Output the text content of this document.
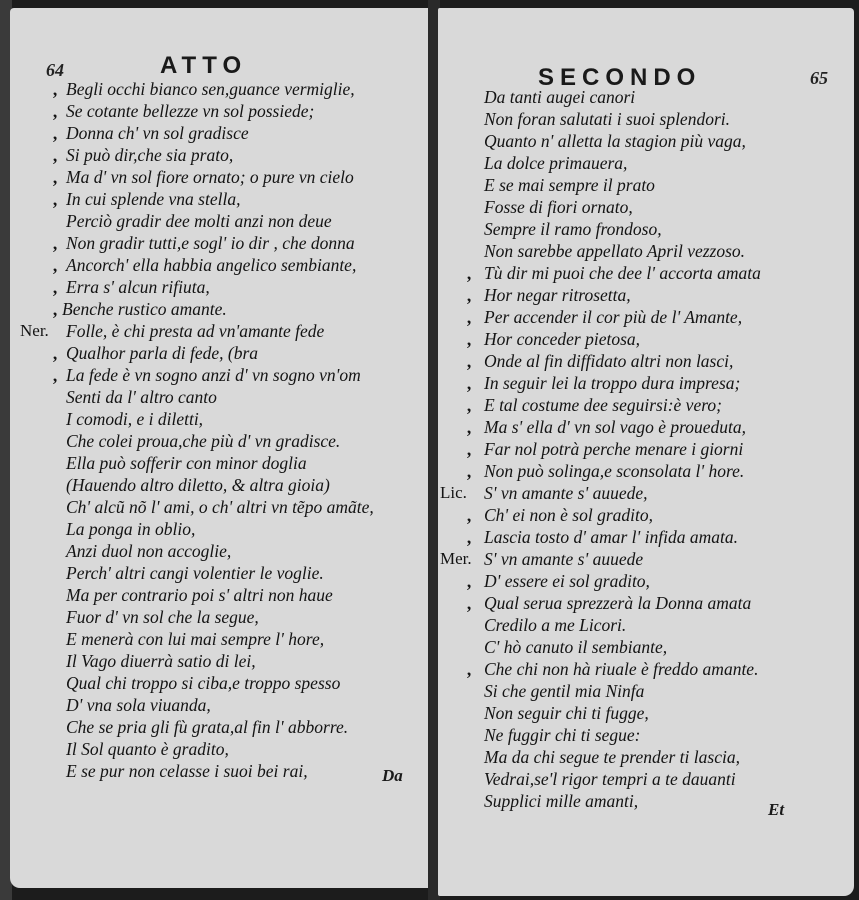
64	ATTO
, Begli occhi bianco sen,guance vermiglie,
, Se cotante bellezze vn sol possiede;
, Donna ch' vn sol gradisce
, Si può dir,che sia prato,
, Ma d' vn sol fiore ornato; o pure vn cielo
, In cui splende vna stella,
Perciò gradir dee molti anzi non deue
, Non gradir tutti,e sogl' io dir , che donna
, Ancorch' ella habbia angelico sembiante,
, Erra s' alcun rifiuta,
, Benche rustico amante.
Ner. Folle, è chi presta ad vn'amante fede
, Qualhor parla di fede, (bra
, La fede è vn sogno anzi d' vn sogno vn'om
Senti da l' altro canto
I comodi, e i diletti,
Che colei proua,che più d' vn gradisce.
Ella può sofferir con minor doglia
(Hauendo altro diletto, & altra gioia)
Ch' alcũ nõ l' ami, o ch' altri vn tẽpo amãte,
La ponga in oblio,
Anzi duol non accoglie,
Perch' altri cangi volentier le voglie.
Ma per contrario poi s' altri non haue
Fuor d' vn sol che la segue,
E menerà con lui mai sempre l' hore,
Il Vago diuerrà satio di lei,
Qual chi troppo si ciba,e troppo spesso
D' vna sola viuanda,
Che se pria gli fù grata,al fin l' abborre.
Il Sol quanto è gradito,
E se pur non celasse i suoi bei rai,	Da
65
SECONDO
Da tanti augei canori
Non foran salutati i suoi splendori.
Quanto n' alletta la stagion più vaga,
La dolce primauera,
E se mai sempre il prato
Fosse di fiori ornato,
Sempre il ramo frondoso,
Non sarebbe appellato April vezzoso.
, Tù dir mi puoi che dee l' accorta amata
, Hor negar ritrosetta,
, Per accender il cor più de l' Amante,
, Hor conceder pietosa,
, Onde al fin diffidato altri non lasci,
, In seguir lei la troppo dura impresa;
, E tal costume dee seguirsi:è vero;
, Ma s' ella d' vn sol vago è proueduta,
, Far nol potrà perche menare i giorni
, Non può solinga,e sconsolata l' hore.
Lic. S' vn amante s' auuede,
, Ch' ei non è sol gradito,
, Lascia tosto d' amar l' infida amata.
Mer. S' vn amante s' auuede
, D' essere ei sol gradito,
, Qual serua sprezzerà la Donna amata
Credilo a me Licori.
C' hò canuto il sembiante,
, Che chi non hà riuale è freddo amante.
Si che gentil mia Ninfa
Non seguir chi ti fugge,
Ne fuggir chi ti segue:
Ma da chi segue te prender ti lascia,
Vedrai,se'l rigor tempri a te dauanti
Supplici mille amanti,	Et
